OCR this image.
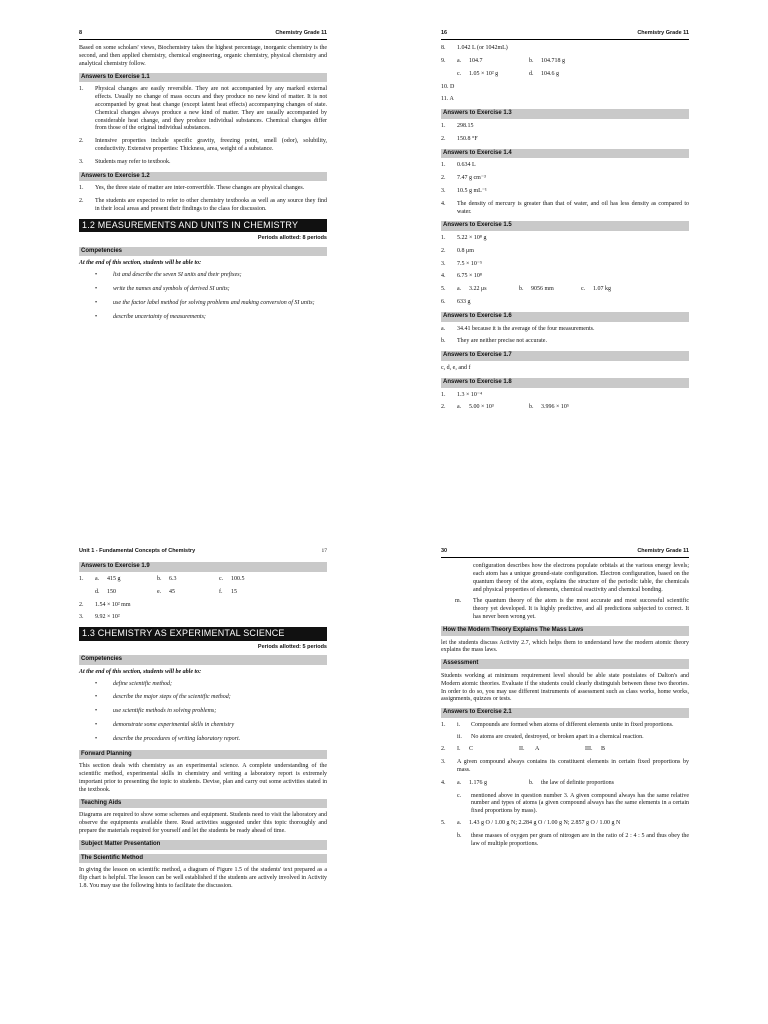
8	Chemistry Grade 11

Based on some scholars' views, Biochemistry takes the highest percentage, inorganic chemistry is the second, and then applied chemistry, chemical engineering, organic chemistry, physical chemistry and analytical chemistry follow.

Answers to Exercise 1.1
1.	Physical changes are easily reversible. They are not accompanied by any marked external effects. Usually no change of mass occurs and they produce no new kind of matter. It is not accompanied by great heat change (except latent heat effects) accompanying changes of state. Chemical changes always produce a new kind of matter. They are usually accompanied by considerable heat change, and they produce individual substances. Chemical changes differ from those of the original individual substances.
2.	Intensive properties include specific gravity, freezing point, smell (odor), solubility, conductivity. Extensive properties: Thickness, area, weight of a substance.
3.	Students may refer to textbook.
Answers to Exercise 1.2
1.	Yes, the three state of matter are inter-convertible. These changes are physical changes.
2.	The students are expected to refer to other chemistry textbooks as well as any source they find in their local areas and present their findings to the class for discussion.
1.2 MEASUREMENTS AND UNITS IN CHEMISTRY
Periods allotted: 8 periods
Competencies
At the end of this section, students will be able to:
•	list and describe the seven SI units and their prefixes;
•	write the names and symbols of derived SI units;
•	use the factor label method for solving problems and making conversion of SI units;
•	describe uncertainty of measurements;
16	Chemistry Grade 11
8.	1.042 L (or 1042mL)
9.	a.	104.7	b.	104.718 g
c.	1.05 × 10² g	d.	104.6 g
10. D
11. A
Answers to Exercise 1.3
1.	298.15
2.	150.8 °F
Answers to Exercise 1.4
1.	0.634 L
2.	7.47 g cm⁻³
3.	10.5 g mL⁻¹
4.	The density of mercury is greater than that of water, and oil has less density as compared to water.
Answers to Exercise 1.5
1.	5.22 × 10⁸ g
2.	0.8 μm
3.	7.5 × 10⁻⁵
4.	6.75 × 10⁸
5.	a.	3.22 μs	b.	9056 mm	c.	1.07 kg
6.	633 g
Answers to Exercise 1.6
a.	34.41 because it is the average of the four measurements.
b.	They are neither precise not accurate.
Answers to Exercise 1.7
c, d, e, and f
Answers to Exercise 1.8
1.	1.3 × 10⁻⁴
2.	a.	5.00 × 10³	b.	3.996 × 10⁵
Unit 1 - Fundamental Concepts of Chemistry	17
Answers to Exercise 1.9
1.	a.	415 g	b.	6.3	c.	100.5
d.	150	e.	45	f.	15
2.	1.54 × 10² mm
3.	9.92 × 10²
1.3 CHEMISTRY AS EXPERIMENTAL SCIENCE
Periods allotted: 5 periods
Competencies
At the end of this section, students will be able to:
•	define scientific method;
•	describe the major steps of the scientific method;
•	use scientific methods in solving problems;
•	demonstrate some experimental skills in chemistry
•	describe the procedures of writing laboratory report.
Forward Planning

This section deals with chemistry as an experimental science. A complete understanding of the scientific method, experimental skills in chemistry and writing a laboratory report is extremely important prior to presenting the topic to students. Devise, plan and carry out some activities stated in the textbook.

Teaching Aids

Diagrams are required to show some schemes and equipment. Students need to visit the laboratory and observe the equipments available there. Read activities suggested under this topic thoroughly and prepare the materials required for yourself and let the students be ready ahead of time.

Subject Matter Presentation
The Scientific Method

In giving the lesson on scientific method, a diagram of Figure 1.5 of the students' text prepared as a flip chart is helpful. The lesson can be well established if the students are actively involved in Activity 1.8. You may use the following hints to facilitate the discussion.

30	Chemistry Grade 11

configuration describes how the electrons populate orbitals at the various energy levels; each atom has a unique ground-state configuration. Electron configuration, based on the quantum theory of the atom, explains the structure of the periodic table, the chemicals and physical properties of elements, chemical reactivity and chemical bonding.

m.	The quantum theory of the atom is the most accurate and most successful scientific theory yet developed. It is highly predictive, and all predictions subjected to correct. It has never been wrong yet.
How the Modern Theory Explains The Mass Laws

let the students discuss Activity 2.7, which helps them to understand how the modern atomic theory explains the mass laws.

Assessment

Students working at minimum requirement level should be able state postulates of Dalton's and Modern atomic theories. Evaluate if the students could clearly distinguish between these two theories. In order to do so, you may use different instruments of assessment such as class works, home works, assignments, quizzes or tests.

Answers to Exercise 2.1
1.	i.	Compounds are formed when atoms of different elements unite in fixed proportions.
ii.	No atoms are created, destroyed, or broken apart in a chemical reaction.
2.	I.	C	II.	A	III.	B
3.	A given compound always contains its constituent elements in certain fixed proportions by mass.
4.	a.	1.176 g	b.	the law of definite proportions
c.	mentioned above in question number 3. A given compound always has the same relative number and types of atoms (a given compound always has the same elements in a certain fixed proportions by mass).
5.	a.	1.43 g O / 1.00 g N; 2.284 g O / 1.00 g N; 2.857 g O / 1.00 g N
b.	these masses of oxygen per gram of nitrogen are in the ratio of 2 : 4 : 5 and thus obey the law of multiple proportions.
